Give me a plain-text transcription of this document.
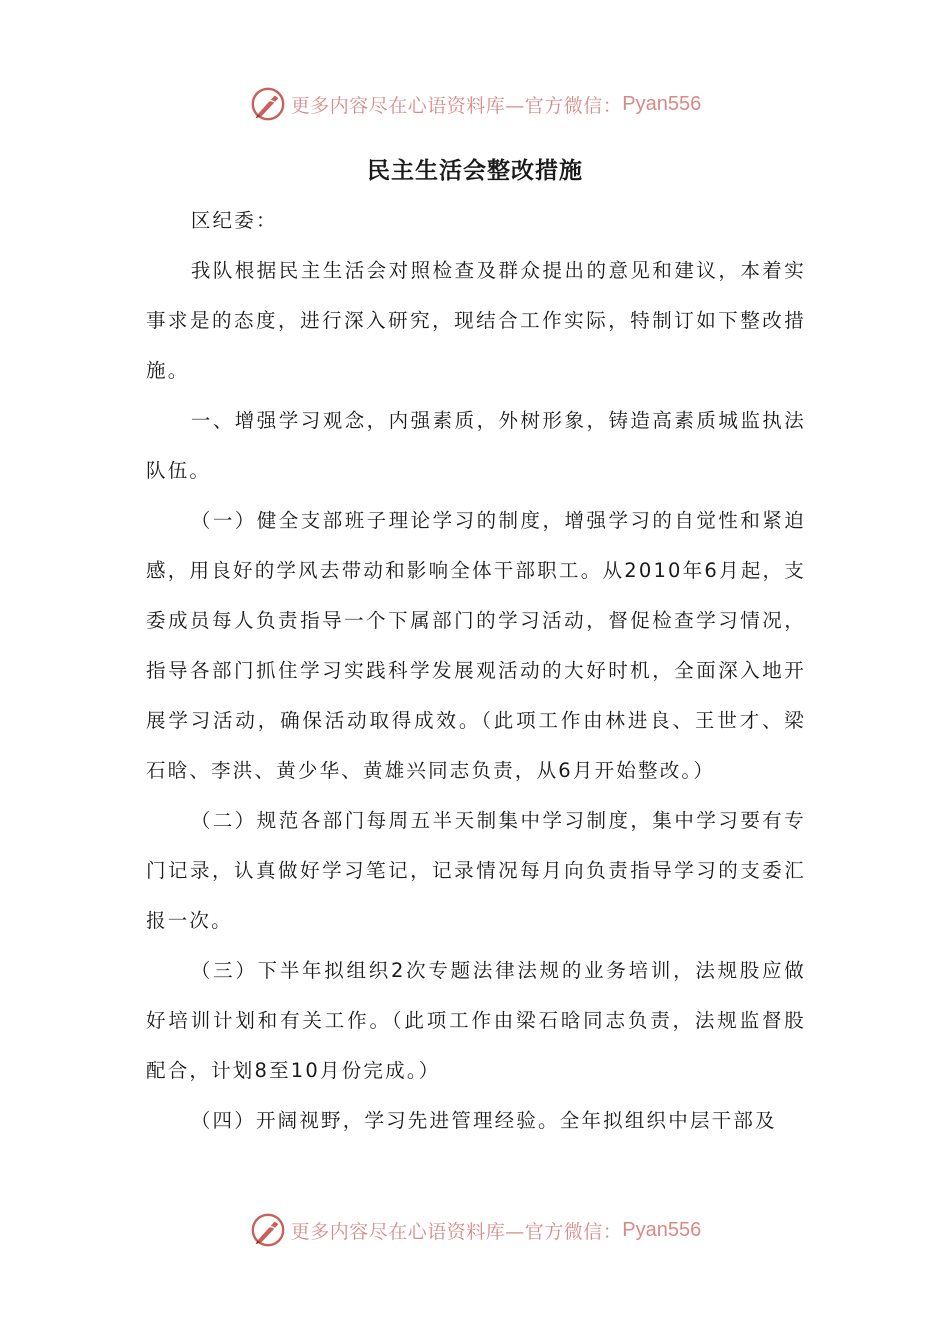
更多内容尽在心语资料库—官方微信： Pyan556
民主生活会整改措施

区纪委：

我队根据民主生活会对照检查及群众提出的意见和建议，本着实事求是的态度，进行深入研究，现结合工作实际，特制订如下整改措施。

一、增强学习观念，内强素质，外树形象，铸造高素质城监执法队伍。

（一）健全支部班子理论学习的制度，增强学习的自觉性和紧迫感，用良好的学风去带动和影响全体干部职工。从2010年6月起，支委成员每人负责指导一个下属部门的学习活动，督促检查学习情况，指导各部门抓住学习实践科学发展观活动的大好时机，全面深入地开展学习活动，确保活动取得成效。（此项工作由林进良、王世才、梁石晗、李洪、黄少华、黄雄兴同志负责，从6月开始整改。）

（二）规范各部门每周五半天制集中学习制度，集中学习要有专门记录，认真做好学习笔记，记录情况每月向负责指导学习的支委汇报一次。

（三）下半年拟组织2次专题法律法规的业务培训，法规股应做好培训计划和有关工作。（此项工作由梁石晗同志负责，法规监督股配合，计划8至10月份完成。）

（四）开阔视野，学习先进管理经验。全年拟组织中层干部及

更多内容尽在心语资料库—官方微信： Pyan556
